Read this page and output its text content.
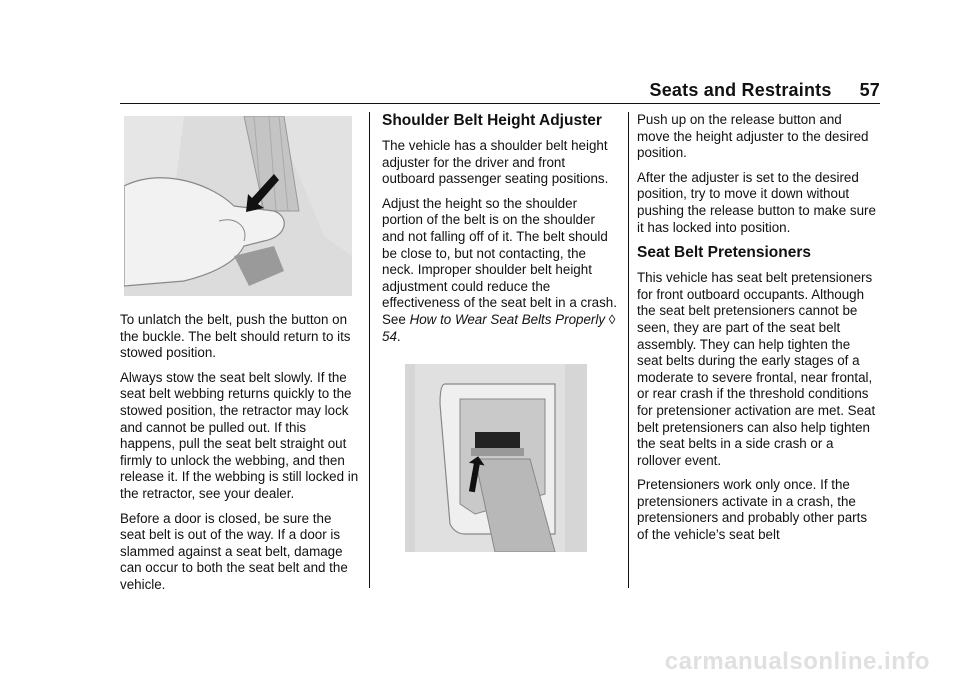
Seats and Restraints 57

To unlatch the belt, push the button on the buckle. The belt should return to its stowed position.

Always stow the seat belt slowly. If the seat belt webbing returns quickly to the stowed position, the retractor may lock and cannot be pulled out. If this happens, pull the seat belt straight out firmly to unlock the webbing, and then release it. If the webbing is still locked in the retractor, see your dealer.

Before a door is closed, be sure the seat belt is out of the way. If a door is slammed against a seat belt, damage can occur to both the seat belt and the vehicle.

Shoulder Belt Height Adjuster

The vehicle has a shoulder belt height adjuster for the driver and front outboard passenger seating positions.

Adjust the height so the shoulder portion of the belt is on the shoulder and not falling off of it. The belt should be close to, but not contacting, the neck. Improper shoulder belt height adjustment could reduce the effectiveness of the seat belt in a crash. See How to Wear Seat Belts Properly ◊ 54.

Push up on the release button and move the height adjuster to the desired position.

After the adjuster is set to the desired position, try to move it down without pushing the release button to make sure it has locked into position.

Seat Belt Pretensioners

This vehicle has seat belt pretensioners for front outboard occupants. Although the seat belt pretensioners cannot be seen, they are part of the seat belt assembly. They can help tighten the seat belts during the early stages of a moderate to severe frontal, near frontal, or rear crash if the threshold conditions for pretensioner activation are met. Seat belt pretensioners can also help tighten the seat belts in a side crash or a rollover event.

Pretensioners work only once. If the pretensioners activate in a crash, the pretensioners and probably other parts of the vehicle’s seat belt

carmanualsonline.info
